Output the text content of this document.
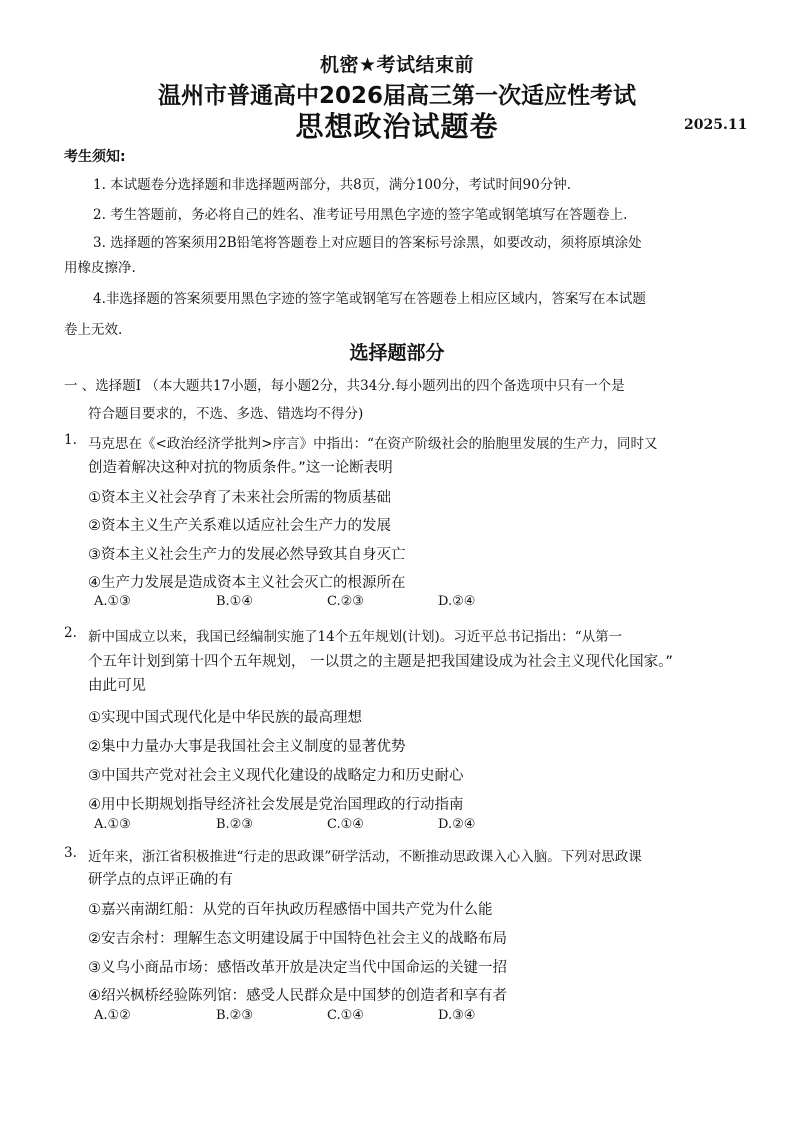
机密★考试结束前
温州市普通高中2026届高三第一次适应性考试
思想政治试题卷	2025.11
考生须知:
1. 本试题卷分选择题和非选择题两部分，共8页，满分100分，考试时间90分钟.
2. 考生答题前，务必将自己的姓名、准考证号用黑色字迹的签字笔或钢笔填写在答题卷上.
3. 选择题的答案须用2B铅笔将答题卷上对应题目的答案标号涂黑，如要改动，须将原填涂处
用橡皮擦净.
4.非选择题的答案须要用黑色字迹的签字笔或钢笔写在答题卷上相应区域内，答案写在本试题
卷上无效.
选择题部分
一 、选择题I （本大题共17小题，每小题2分，共34分.每小题列出的四个备选项中只有一个是
符合题目要求的，不选、多选、错选均不得分)
1. 马克思在《<政治经济学批判>序言》中指出：“在资产阶级社会的胎胞里发展的生产力，同时又
创造着解决这种对抗的物质条件。”这一论断表明
①资本主义社会孕育了未来社会所需的物质基础
②资本主义生产关系难以适应社会生产力的发展
③资本主义社会生产力的发展必然导致其自身灭亡
④生产力发展是造成资本主义社会灭亡的根源所在
A.①③	B.①④	C.②③	D.②④
2. 新中国成立以来，我国已经编制实施了14个五年规划(计划)。习近平总书记指出：“从第一
个五年计划到第十四个五年规划， 一以贯之的主题是把我国建设成为社会主义现代化国家。”
由此可见
①实现中国式现代化是中华民族的最高理想
②集中力量办大事是我国社会主义制度的显著优势
③中国共产党对社会主义现代化建设的战略定力和历史耐心
④用中长期规划指导经济社会发展是党治国理政的行动指南
A.①③	B.②③	C.①④	D.②④
3. 近年来，浙江省积极推进“行走的思政课”研学活动，不断推动思政课入心入脑。下列对思政课
研学点的点评正确的有
①嘉兴南湖红船：从党的百年执政历程感悟中国共产党为什么能
②安吉余村：理解生态文明建设属于中国特色社会主义的战略布局
③义乌小商品市场：感悟改革开放是决定当代中国命运的关键一招
④绍兴枫桥经验陈列馆：感受人民群众是中国梦的创造者和享有者
A.①②	B.②③	C.①④	D.③④
